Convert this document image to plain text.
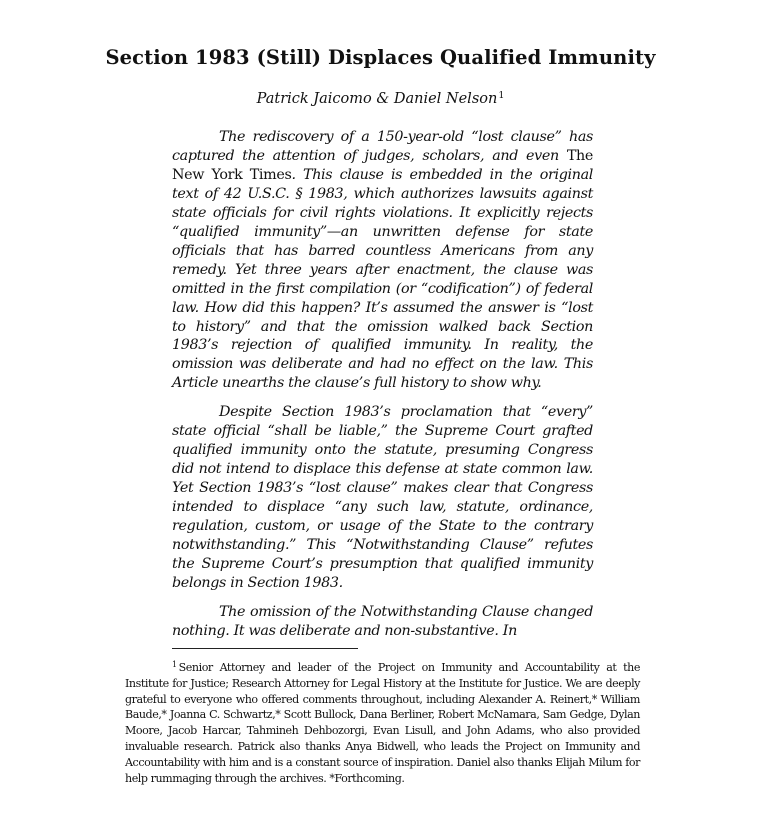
Section 1983 (Still) Displaces Qualified Immunity
Patrick Jaicomo & Daniel Nelson$^1$

The rediscovery of a 150-year-old “lost clause” has captured the attention of judges, scholars, and even The New York Times. This clause is embedded in the original text of 42 U.S.C. § 1983, which authorizes lawsuits against state officials for civil rights violations. It explicitly rejects “qualified immunity”—an unwritten defense for state officials that has barred countless Americans from any remedy. Yet three years after enactment, the clause was omitted in the first compilation (or “codification”) of federal law. How did this happen? It’s assumed the answer is “lost to history” and that the omission walked back Section 1983’s rejection of qualified immunity. In reality, the omission was deliberate and had no effect on the law. This Article unearths the clause’s full history to show why.

Despite Section 1983’s proclamation that “every” state official “shall be liable,” the Supreme Court grafted qualified immunity onto the statute, presuming Congress did not intend to displace this defense at state common law. Yet Section 1983’s “lost clause” makes clear that Congress intended to displace “any such law, statute, ordinance, regulation, custom, or usage of the State to the contrary notwithstanding.” This “Notwithstanding Clause” refutes the Supreme Court’s presumption that qualified immunity belongs in Section 1983.

The omission of the Notwithstanding Clause changed nothing. It was deliberate and non-substantive. In

$^1$ Senior Attorney and leader of the Project on Immunity and Accountability at the Institute for Justice; Research Attorney for Legal History at the Institute for Justice. We are deeply grateful to everyone who offered comments throughout, including Alexander A. Reinert,* William Baude,* Joanna C. Schwartz,* Scott Bullock, Dana Berliner, Robert McNamara, Sam Gedge, Dylan Moore, Jacob Harcar, Tahmineh Dehbozorgi, Evan Lisull, and John Adams, who also provided invaluable research. Patrick also thanks Anya Bidwell, who leads the Project on Immunity and Accountability with him and is a constant source of inspiration. Daniel also thanks Elijah Milum for help rummaging through the archives. *Forthcoming.
